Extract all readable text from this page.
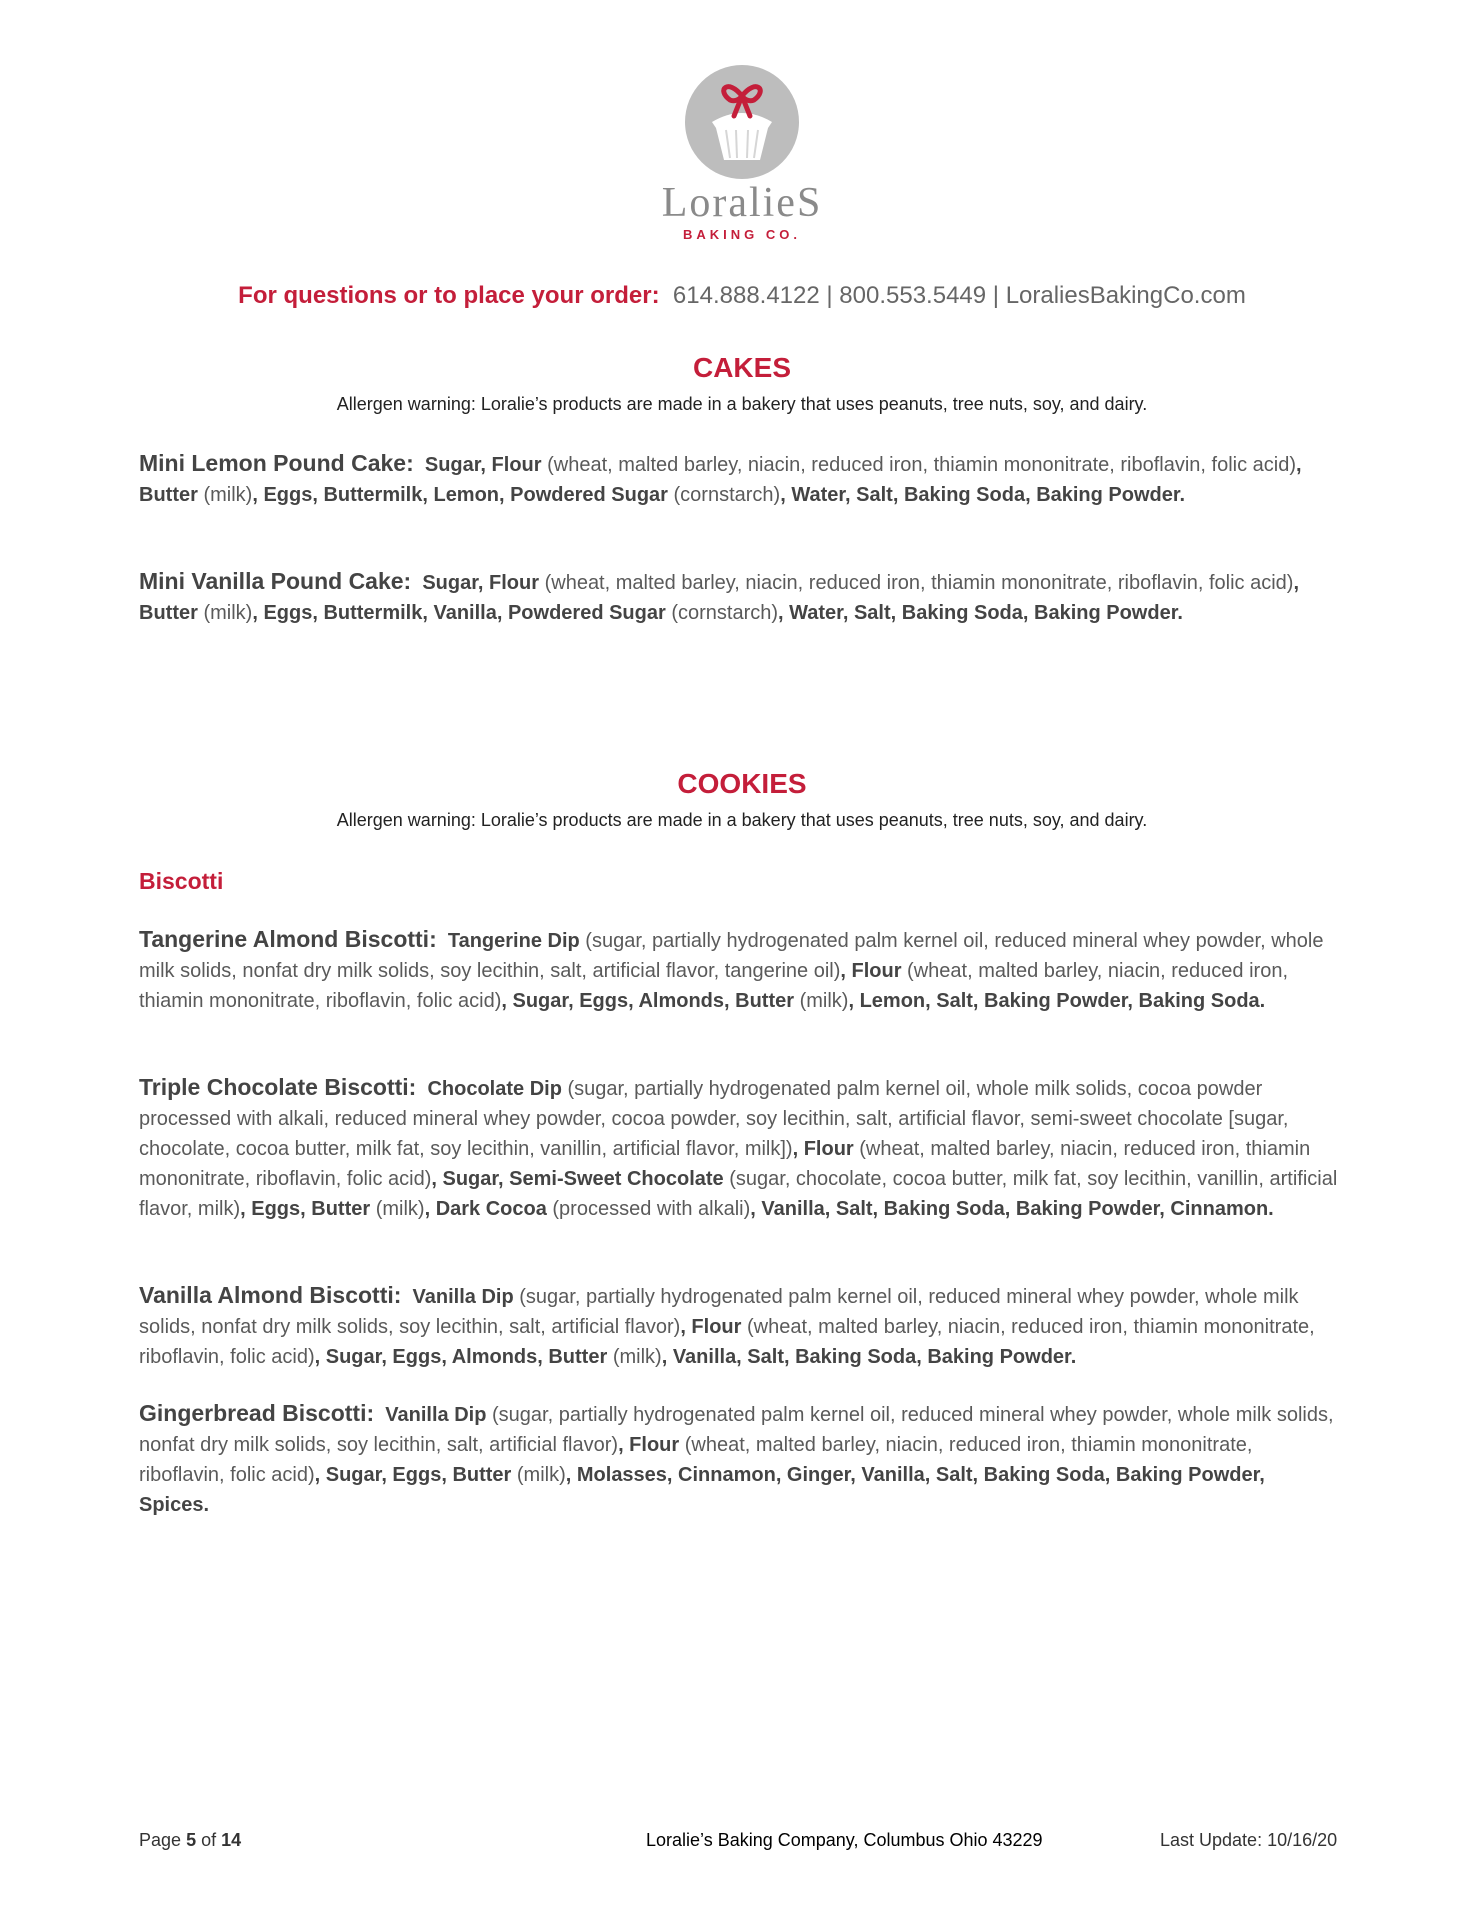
LoralieS
BAKING CO.
For questions or to place your order: 614.888.4122 | 800.553.5449 | LoraliesBakingCo.com
CAKES
Allergen warning: Loralie’s products are made in a bakery that uses peanuts, tree nuts, soy, and dairy.
Mini Lemon Pound Cake: Sugar, Flour (wheat, malted barley, niacin, reduced iron, thiamin mononitrate, riboflavin, folic acid), Butter (milk), Eggs, Buttermilk, Lemon, Powdered Sugar (cornstarch), Water, Salt, Baking Soda, Baking Powder.
Mini Vanilla Pound Cake: Sugar, Flour (wheat, malted barley, niacin, reduced iron, thiamin mononitrate, riboflavin, folic acid), Butter (milk), Eggs, Buttermilk, Vanilla, Powdered Sugar (cornstarch), Water, Salt, Baking Soda, Baking Powder.
COOKIES
Allergen warning: Loralie’s products are made in a bakery that uses peanuts, tree nuts, soy, and dairy.
Biscotti
Tangerine Almond Biscotti: Tangerine Dip (sugar, partially hydrogenated palm kernel oil, reduced mineral whey powder, whole milk solids, nonfat dry milk solids, soy lecithin, salt, artificial flavor, tangerine oil), Flour (wheat, malted barley, niacin, reduced iron, thiamin mononitrate, riboflavin, folic acid), Sugar, Eggs, Almonds, Butter (milk), Lemon, Salt, Baking Powder, Baking Soda.
Triple Chocolate Biscotti: Chocolate Dip (sugar, partially hydrogenated palm kernel oil, whole milk solids, cocoa powder processed with alkali, reduced mineral whey powder, cocoa powder, soy lecithin, salt, artificial flavor, semi-sweet chocolate [sugar, chocolate, cocoa butter, milk fat, soy lecithin, vanillin, artificial flavor, milk]), Flour (wheat, malted barley, niacin, reduced iron, thiamin mononitrate, riboflavin, folic acid), Sugar, Semi-Sweet Chocolate (sugar, chocolate, cocoa butter, milk fat, soy lecithin, vanillin, artificial flavor, milk), Eggs, Butter (milk), Dark Cocoa (processed with alkali), Vanilla, Salt, Baking Soda, Baking Powder, Cinnamon.
Vanilla Almond Biscotti: Vanilla Dip (sugar, partially hydrogenated palm kernel oil, reduced mineral whey powder, whole milk solids, nonfat dry milk solids, soy lecithin, salt, artificial flavor), Flour (wheat, malted barley, niacin, reduced iron, thiamin mononitrate, riboflavin, folic acid), Sugar, Eggs, Almonds, Butter (milk), Vanilla, Salt, Baking Soda, Baking Powder.
Gingerbread Biscotti: Vanilla Dip (sugar, partially hydrogenated palm kernel oil, reduced mineral whey powder, whole milk solids, nonfat dry milk solids, soy lecithin, salt, artificial flavor), Flour (wheat, malted barley, niacin, reduced iron, thiamin mononitrate, riboflavin, folic acid), Sugar, Eggs, Butter (milk), Molasses, Cinnamon, Ginger, Vanilla, Salt, Baking Soda, Baking Powder, Spices.
Page 5 of 14	Loralie’s Baking Company, Columbus Ohio 43229	Last Update: 10/16/20
